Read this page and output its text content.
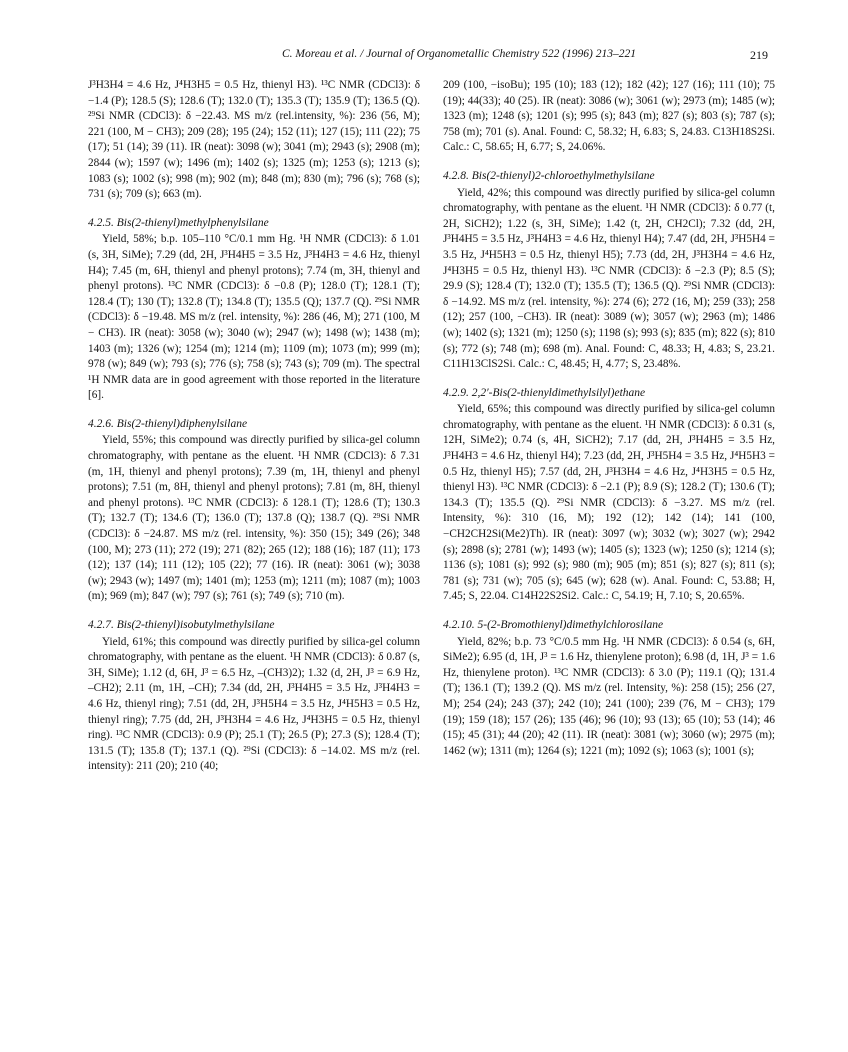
C. Moreau et al. / Journal of Organometallic Chemistry 522 (1996) 213–221	219

J³H3H4 = 4.6 Hz, J⁴H3H5 = 0.5 Hz, thienyl H3). ¹³C NMR (CDCl3): δ −1.4 (P); 128.5 (S); 128.6 (T); 132.0 (T); 135.3 (T); 135.9 (T); 136.5 (Q). ²⁹Si NMR (CDCl3): δ −22.43. MS m/z (rel.intensity, %): 236 (56, M); 221 (100, M − CH3); 209 (28); 195 (24); 152 (11); 127 (15); 111 (22); 75 (17); 51 (14); 39 (11). IR (neat): 3098 (w); 3041 (m); 2943 (s); 2908 (m); 2844 (w); 1597 (w); 1496 (m); 1402 (s); 1325 (m); 1253 (s); 1213 (s); 1083 (s); 1002 (s); 998 (m); 902 (m); 848 (m); 830 (m); 796 (s); 768 (s); 731 (s); 709 (s); 663 (m).

4.2.5. Bis(2-thienyl)methylphenylsilane

Yield, 58%; b.p. 105–110 °C/0.1 mm Hg. ¹H NMR (CDCl3): δ 1.01 (s, 3H, SiMe); 7.29 (dd, 2H, J³H4H5 = 3.5 Hz, J³H4H3 = 4.6 Hz, thienyl H4); 7.45 (m, 6H, thienyl and phenyl protons); 7.74 (m, 3H, thienyl and phenyl protons). ¹³C NMR (CDCl3): δ −0.8 (P); 128.0 (T); 128.1 (T); 128.4 (T); 130 (T); 132.8 (T); 134.8 (T); 135.5 (Q); 137.7 (Q). ²⁹Si NMR (CDCl3): δ −19.48. MS m/z (rel. intensity, %): 286 (46, M); 271 (100, M − CH3). IR (neat): 3058 (w); 3040 (w); 2947 (w); 1498 (w); 1438 (m); 1403 (m); 1326 (w); 1254 (m); 1214 (m); 1109 (m); 1073 (m); 999 (m); 978 (w); 849 (w); 793 (s); 776 (s); 758 (s); 743 (s); 709 (m). The spectral ¹H NMR data are in good agreement with those reported in the literature [6].

4.2.6. Bis(2-thienyl)diphenylsilane

Yield, 55%; this compound was directly purified by silica-gel column chromatography, with pentane as the eluent. ¹H NMR (CDCl3): δ 7.31 (m, 1H, thienyl and phenyl protons); 7.39 (m, 1H, thienyl and phenyl protons); 7.51 (m, 8H, thienyl and phenyl protons); 7.81 (m, 8H, thienyl and phenyl protons). ¹³C NMR (CDCl3): δ 128.1 (T); 128.6 (T); 130.3 (T); 132.7 (T); 134.6 (T); 136.0 (T); 137.8 (Q); 138.7 (Q). ²⁹Si NMR (CDCl3): δ −24.87. MS m/z (rel. intensity, %): 350 (15); 349 (26); 348 (100, M); 273 (11); 272 (19); 271 (82); 265 (12); 188 (16); 187 (11); 173 (12); 137 (14); 111 (12); 105 (22); 77 (16). IR (neat): 3061 (w); 3038 (w); 2943 (w); 1497 (m); 1401 (m); 1253 (m); 1211 (m); 1087 (m); 1003 (m); 969 (m); 847 (w); 797 (s); 761 (s); 749 (s); 710 (m).

4.2.7. Bis(2-thienyl)isobutylmethylsilane

Yield, 61%; this compound was directly purified by silica-gel column chromatography, with pentane as the eluent. ¹H NMR (CDCl3): δ 0.87 (s, 3H, SiMe); 1.12 (d, 6H, J³ = 6.5 Hz, –(CH3)2); 1.32 (d, 2H, J³ = 6.9 Hz, –CH2); 2.11 (m, 1H, –CH); 7.34 (dd, 2H, J³H4H5 = 3.5 Hz, J³H4H3 = 4.6 Hz, thienyl ring); 7.51 (dd, 2H, J³H5H4 = 3.5 Hz, J⁴H5H3 = 0.5 Hz, thienyl ring); 7.75 (dd, 2H, J³H3H4 = 4.6 Hz, J⁴H3H5 = 0.5 Hz, thienyl ring). ¹³C NMR (CDCl3): 0.9 (P); 25.1 (T); 26.5 (P); 27.3 (S); 128.4 (T); 131.5 (T); 135.8 (T); 137.1 (Q). ²⁹Si (CDCl3): δ −14.02. MS m/z (rel. intensity): 211 (20); 210 (40;

209 (100, −isoBu); 195 (10); 183 (12); 182 (42); 127 (16); 111 (10); 75 (19); 44(33); 40 (25). IR (neat): 3086 (w); 3061 (w); 2973 (m); 1485 (w); 1323 (m); 1248 (s); 1201 (s); 995 (s); 843 (m); 827 (s); 803 (s); 787 (s); 758 (m); 701 (s). Anal. Found: C, 58.32; H, 6.83; S, 24.83. C13H18S2Si. Calc.: C, 58.65; H, 6.77; S, 24.06%.

4.2.8. Bis(2-thienyl)2-chloroethylmethylsilane

Yield, 42%; this compound was directly purified by silica-gel column chromatography, with pentane as the eluent. ¹H NMR (CDCl3): δ 0.77 (t, 2H, SiCH2); 1.22 (s, 3H, SiMe); 1.42 (t, 2H, CH2Cl); 7.32 (dd, 2H, J³H4H5 = 3.5 Hz, J³H4H3 = 4.6 Hz, thienyl H4); 7.47 (dd, 2H, J³H5H4 = 3.5 Hz, J⁴H5H3 = 0.5 Hz, thienyl H5); 7.73 (dd, 2H, J³H3H4 = 4.6 Hz, J⁴H3H5 = 0.5 Hz, thienyl H3). ¹³C NMR (CDCl3): δ −2.3 (P); 8.5 (S); 29.9 (S); 128.4 (T); 132.0 (T); 135.5 (T); 136.5 (Q). ²⁹Si NMR (CDCl3): δ −14.92. MS m/z (rel. intensity, %): 274 (6); 272 (16, M); 259 (33); 258 (12); 257 (100, −CH3). IR (neat): 3089 (w); 3057 (w); 2963 (m); 1486 (w); 1402 (s); 1321 (m); 1250 (s); 1198 (s); 993 (s); 835 (m); 822 (s); 810 (s); 772 (s); 748 (m); 698 (m). Anal. Found: C, 48.33; H, 4.83; S, 23.21. C11H13ClS2Si. Calc.: C, 48.45; H, 4.77; S, 23.48%.

4.2.9. 2,2′-Bis(2-thienyldimethylsilyl)ethane

Yield, 65%; this compound was directly purified by silica-gel column chromatography, with pentane as the eluent. ¹H NMR (CDCl3): δ 0.31 (s, 12H, SiMe2); 0.74 (s, 4H, SiCH2); 7.17 (dd, 2H, J³H4H5 = 3.5 Hz, J³H4H3 = 4.6 Hz, thienyl H4); 7.23 (dd, 2H, J³H5H4 = 3.5 Hz, J⁴H5H3 = 0.5 Hz, thienyl H5); 7.57 (dd, 2H, J³H3H4 = 4.6 Hz, J⁴H3H5 = 0.5 Hz, thienyl H3). ¹³C NMR (CDCl3): δ −2.1 (P); 8.9 (S); 128.2 (T); 130.6 (T); 134.3 (T); 135.5 (Q). ²⁹Si NMR (CDCl3): δ −3.27. MS m/z (rel. Intensity, %): 310 (16, M); 192 (12); 142 (14); 141 (100, −CH2CH2Si(Me2)Th). IR (neat): 3097 (w); 3032 (w); 3027 (w); 2942 (s); 2898 (s); 2781 (w); 1493 (w); 1405 (s); 1323 (w); 1250 (s); 1214 (s); 1136 (s); 1081 (s); 992 (s); 980 (m); 905 (m); 851 (s); 827 (s); 811 (s); 781 (s); 731 (w); 705 (s); 645 (w); 628 (w). Anal. Found: C, 53.88; H, 7.45; S, 22.04. C14H22S2Si2. Calc.: C, 54.19; H, 7.10; S, 20.65%.

4.2.10. 5-(2-Bromothienyl)dimethylchlorosilane

Yield, 82%; b.p. 73 °C/0.5 mm Hg. ¹H NMR (CDCl3): δ 0.54 (s, 6H, SiMe2); 6.95 (d, 1H, J³ = 1.6 Hz, thienylene proton); 6.98 (d, 1H, J³ = 1.6 Hz, thienylene proton). ¹³C NMR (CDCl3): δ 3.0 (P); 119.1 (Q); 131.4 (T); 136.1 (T); 139.2 (Q). MS m/z (rel. Intensity, %): 258 (15); 256 (27, M); 254 (24); 243 (37); 242 (10); 241 (100); 239 (76, M − CH3); 179 (19); 159 (18); 157 (26); 135 (46); 96 (10); 93 (13); 65 (10); 53 (14); 46 (15); 45 (31); 44 (20); 42 (11). IR (neat): 3081 (w); 3060 (w); 2975 (m); 1462 (w); 1311 (m); 1264 (s); 1221 (m); 1092 (s); 1063 (s); 1001 (s);
